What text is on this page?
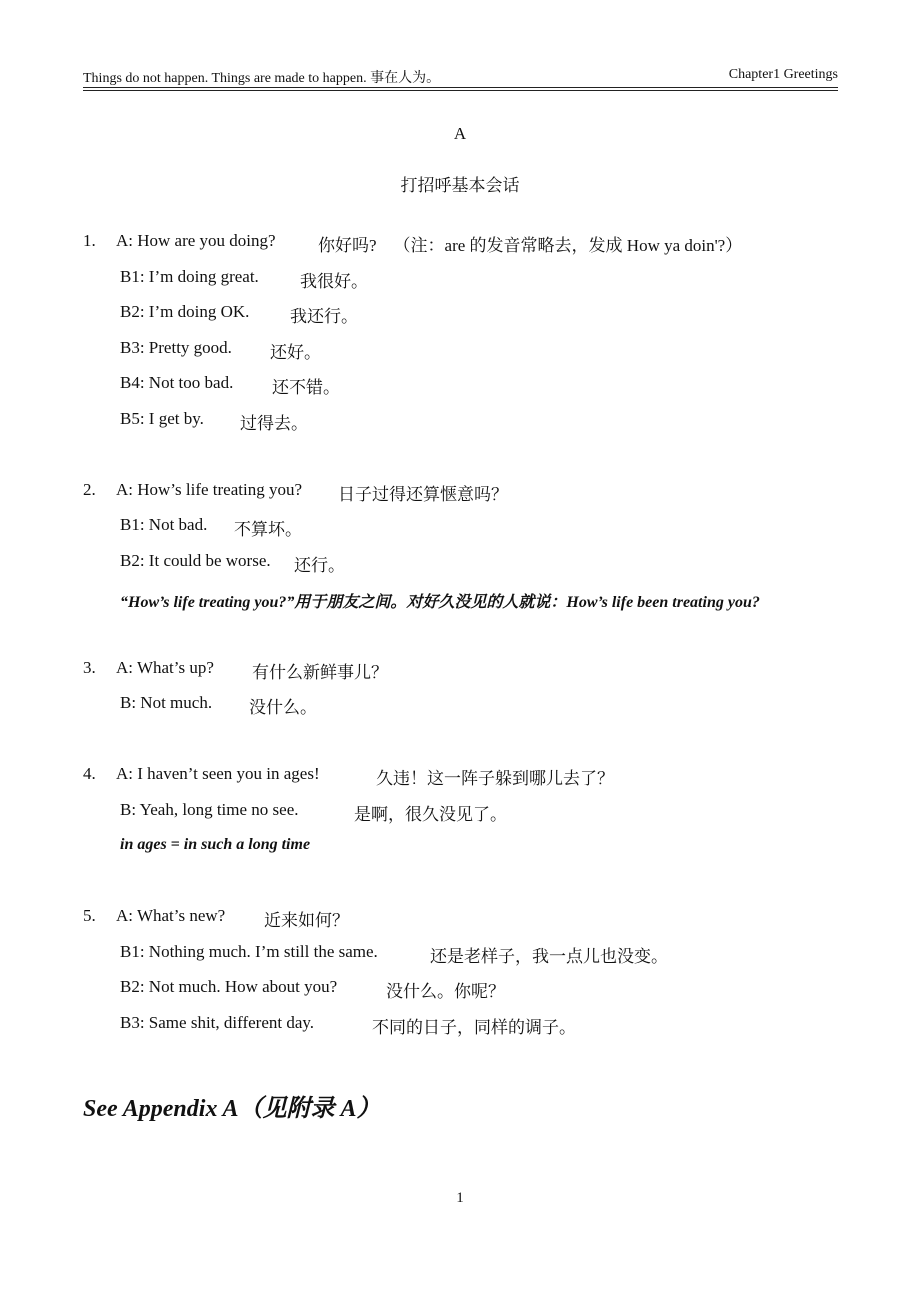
Things do not happen. Things are made to happen. 事在人为。	Chapter1 Greetings
A
打招呼基本会话
1. A: How are you doing? 你好吗?    （注：are 的发音常略去，发成 How ya doin'?）
B1: I’m doing great. 我很好。
B2: I’m doing OK. 我还行。
B3: Pretty good. 还好。
B4: Not too bad. 还不错。
B5: I get by. 过得去。
2. A: How’s life treating you? 日子过得还算惬意吗？
B1: Not bad. 不算坏。
B2: It could be worse. 还行。
“How’s life treating you?”用于朋友之间。对好久没见的人就说：How’s life been treating you?
3. A: What’s up? 有什么新鲜事儿？
B: Not much. 没什么。
4. A: I haven’t seen you in ages!	久违！这一阵子躲到哪儿去了？
B: Yeah, long time no see.	是啊，很久没见了。
in ages = in such a long time
5. A: What’s new? 近来如何？
B1: Nothing much. I’m still the same.	还是老样子，我一点儿也没变。
B2: Not much. How about you?	没什么。你呢？
B3: Same shit, different day.	不同的日子，同样的调子。
See Appendix A（见附录 A）
1
